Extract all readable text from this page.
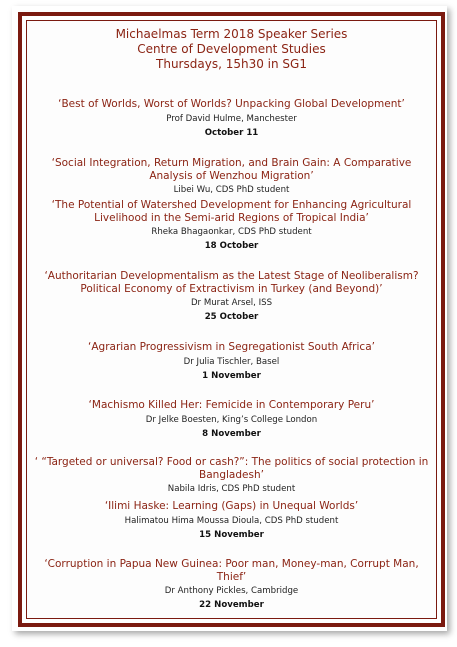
Michaelmas Term 2018 Speaker Series
Centre of Development Studies
Thursdays, 15h30 in SG1
‘Best of Worlds, Worst of Worlds? Unpacking Global Development’
Prof David Hulme, Manchester
October 11
‘Social Integration, Return Migration, and Brain Gain: A Comparative Analysis of Wenzhou Migration’
Libei Wu, CDS PhD student
‘The Potential of Watershed Development for Enhancing Agricultural Livelihood in the Semi-arid Regions of Tropical India’
Rheka Bhagaonkar, CDS PhD student
18 October
‘Authoritarian Developmentalism as the Latest Stage of Neoliberalism? Political Economy of Extractivism in Turkey (and Beyond)’
Dr Murat Arsel, ISS
25 October
‘Agrarian Progressivism in Segregationist South Africa’
Dr Julia Tischler, Basel
1 November
‘Machismo Killed Her: Femicide in Contemporary Peru’
Dr Jelke Boesten, King’s College London
8 November
‘ “Targeted or universal? Food or cash?”: The politics of social protection in Bangladesh’
Nabila Idris, CDS PhD student
‘Ilimi Haske: Learning (Gaps) in Unequal Worlds’
Halimatou Hima Moussa Dioula, CDS PhD student
15 November
‘Corruption in Papua New Guinea: Poor man, Money-man, Corrupt Man, Thief’
Dr Anthony Pickles, Cambridge
22 November
